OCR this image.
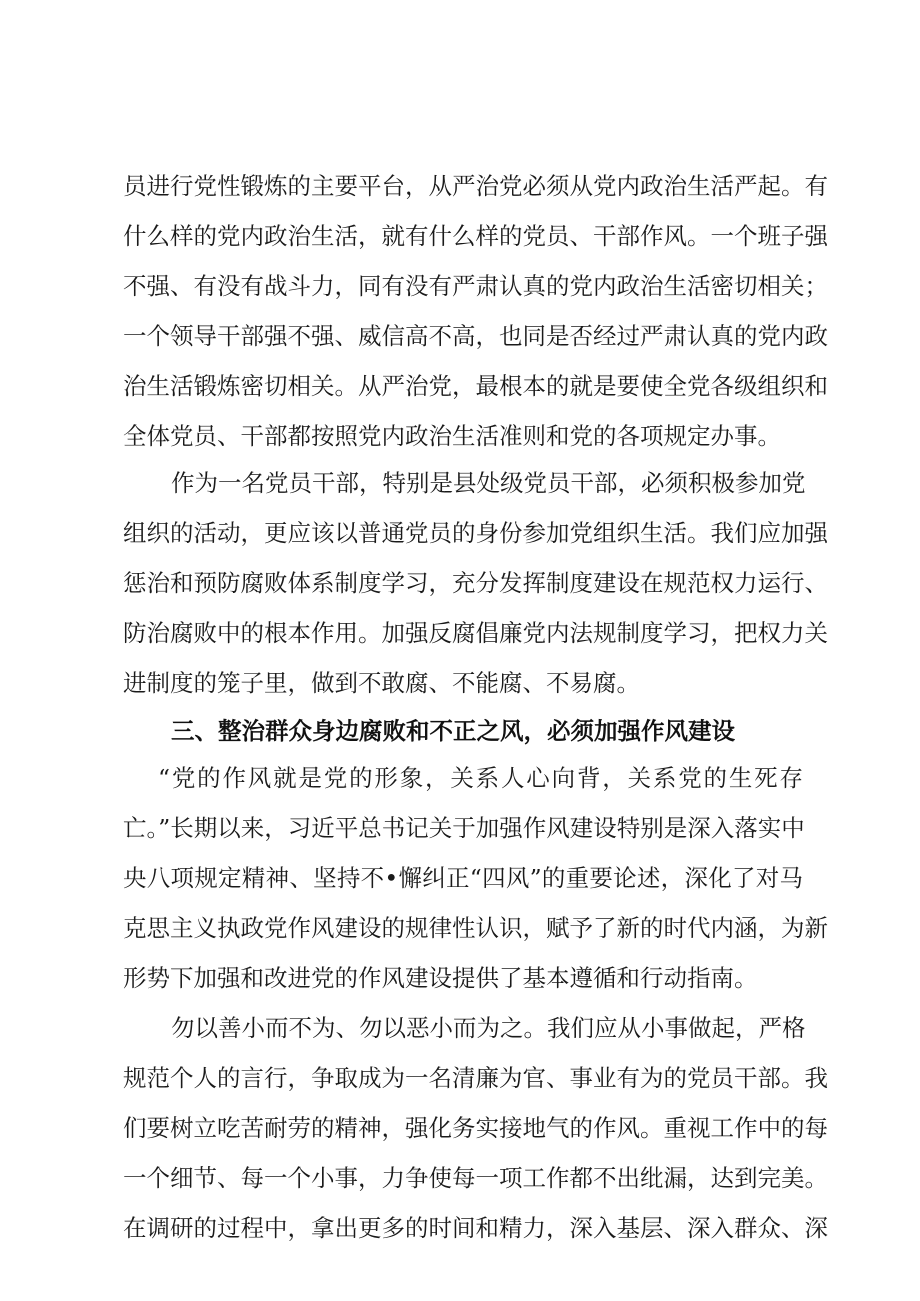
员进行党性锻炼的主要平台，从严治党必须从党内政治生活严起。有
什么样的党内政治生活，就有什么样的党员、干部作风。一个班子强
不强、有没有战斗力，同有没有严肃认真的党内政治生活密切相关；
一个领导干部强不强、威信高不高，也同是否经过严肃认真的党内政
治生活锻炼密切相关。从严治党，最根本的就是要使全党各级组织和
全体党员、干部都按照党内政治生活准则和党的各项规定办事。
作为一名党员干部，特别是县处级党员干部，必须积极参加党
组织的活动，更应该以普通党员的身份参加党组织生活。我们应加强
惩治和预防腐败体系制度学习，充分发挥制度建设在规范权力运行、
防治腐败中的根本作用。加强反腐倡廉党内法规制度学习，把权力关
进制度的笼子里，做到不敢腐、不能腐、不易腐。
三、整治群众身边腐败和不正之风，必须加强作风建设
“党的作风就是党的形象，关系人心向背，关系党的生死存
亡。”长期以来，习近平总书记关于加强作风建设特别是深入落实中
央八项规定精神、坚持不•懈纠正“四风”的重要论述，深化了对马
克思主义执政党作风建设的规律性认识，赋予了新的时代内涵，为新
形势下加强和改进党的作风建设提供了基本遵循和行动指南。
勿以善小而不为、勿以恶小而为之。我们应从小事做起，严格
规范个人的言行，争取成为一名清廉为官、事业有为的党员干部。我
们要树立吃苦耐劳的精神，强化务实接地气的作风。重视工作中的每
一个细节、每一个小事，力争使每一项工作都不出纰漏，达到完美。
在调研的过程中，拿出更多的时间和精力，深入基层、深入群众、深
